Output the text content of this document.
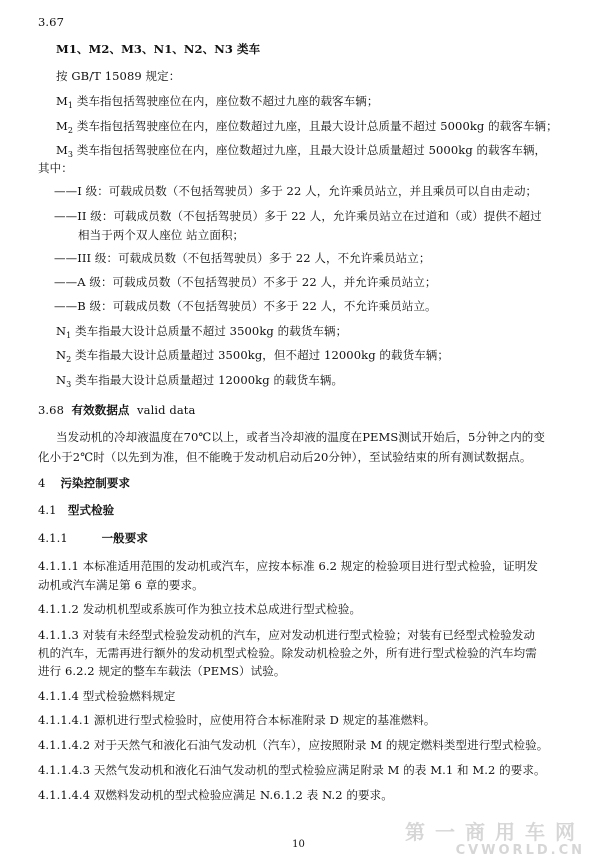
3.67
M1、M2、M3、N1、N2、N3 类车
按 GB/T 15089 规定：
$M_1$ 类车指包括驾驶座位在内，座位数不超过九座的载客车辆；
$M_2$ 类车指包括驾驶座位在内，座位数超过九座，且最大设计总质量不超过 5000kg 的载客车辆；
$M_3$ 类车指包括驾驶座位在内，座位数超过九座，且最大设计总质量超过 5000kg 的载客车辆，
其中：
——I 级：可载成员数（不包括驾驶员）多于 22 人，允许乘员站立，并且乘员可以自由走动；
——II 级：可载成员数（不包括驾驶员）多于 22 人，允许乘员站立在过道和（或）提供不超过
相当于两个双人座位 站立面积；
——III 级：可载成员数（不包括驾驶员）多于 22 人，不允许乘员站立；
——A 级：可载成员数（不包括驾驶员）不多于 22 人，并允许乘员站立；
——B 级：可载成员数（不包括驾驶员）不多于 22 人，不允许乘员站立。
$N_1$ 类车指最大设计总质量不超过 3500kg 的载货车辆；
$N_2$ 类车指最大设计总质量超过 3500kg，但不超过 12000kg 的载货车辆；
$N_3$ 类车指最大设计总质量超过 12000kg 的载货车辆。
3.68 有效数据点 valid data
当发动机的冷却液温度在70℃以上，或者当冷却液的温度在PEMS测试开始后，5分钟之内的变
化小于2℃时（以先到为准，但不能晚于发动机启动后20分钟），至试验结束的所有测试数据点。
4 污染控制要求
4.1 型式检验
4.1.1	一般要求
4.1.1.1 本标准适用范围的发动机或汽车，应按本标准 6.2 规定的检验项目进行型式检验，证明发
动机或汽车满足第 6 章的要求。
4.1.1.2 发动机机型或系族可作为独立技术总成进行型式检验。
4.1.1.3 对装有未经型式检验发动机的汽车，应对发动机进行型式检验；对装有已经型式检验发动
机的汽车，无需再进行额外的发动机型式检验。除发动机检验之外，所有进行型式检验的汽车均需
进行 6.2.2 规定的整车车载法（PEMS）试验。
4.1.1.4 型式检验燃料规定
4.1.1.4.1 源机进行型式检验时，应使用符合本标准附录 D 规定的基准燃料。
4.1.1.4.2 对于天然气和液化石油气发动机（汽车），应按照附录 M 的规定燃料类型进行型式检验。
4.1.1.4.3 天然气发动机和液化石油气发动机的型式检验应满足附录 M 的表 M.1 和 M.2 的要求。
4.1.1.4.4 双燃料发动机的型式检验应满足 N.6.1.2 表 N.2 的要求。
10
第一商用车网
CVWORLD.CN
